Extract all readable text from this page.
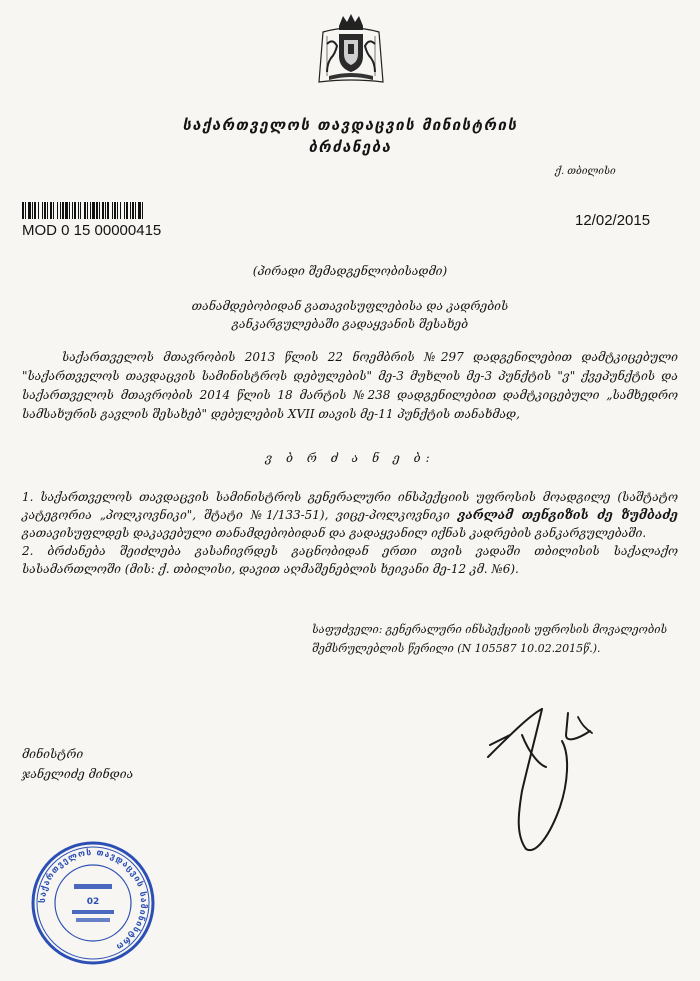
საქართველოს თავდაცვის მინისტრის
ბრძანება
ქ. თბილისი
MOD 0 15 00000415
12/02/2015
(პირადი შემადგენლობისადმი)
თანამდებობიდან გათავისუფლებისა და კადრების
განკარგულებაში გადაყვანის შესახებ
საქართველოს მთავრობის 2013 წლის 22 ნოემბრის №297 დადგენილებით დამტკიცებული "საქართველოს თავდაცვის სამინისტროს დებულების" მე-3 მუხლის მე-3 პუნქტის "ვ" ქვეპუნქტის და საქართველოს მთავრობის 2014 წლის 18 მარტის №238 დადგენილებით დამტკიცებული „სამხედრო სამსახურის გავლის შესახებ" დებულების XVII თავის მე-11 პუნქტის თანახმად,
ვ ბ რ ძ ა ნ ე ბ:

1. საქართველოს თავდაცვის სამინისტროს გენერალური ინსპექციის უფროსის მოადგილე (საშტატო კატეგორია „პოლკოვნიკი", შტატი №1/133-51), ვიცე-პოლკოვნიკი ვარლამ თენგიზის ძე ზუმბაძე გათავისუფლდეს დაკავებული თანამდებობიდან და გადაყვანილ იქნას კადრების განკარგულებაში.

2. ბრძანება შეიძლება გასაჩივრდეს გაცნობიდან ერთი თვის ვადაში თბილისის საქალაქო სასამართლოში (მის: ქ. თბილისი, დავით აღმაშენებლის ხეივანი მე-12 კმ. №6).

საფუძველი: გენერალური ინსპექციის უფროსის მოვალეობის
შემსრულებლის წერილი (N 105587 10.02.2015წ.).
მინისტრი
ჯანელიძე მინდია
საქართველოს თავდაცვის სამინისტრო
02
